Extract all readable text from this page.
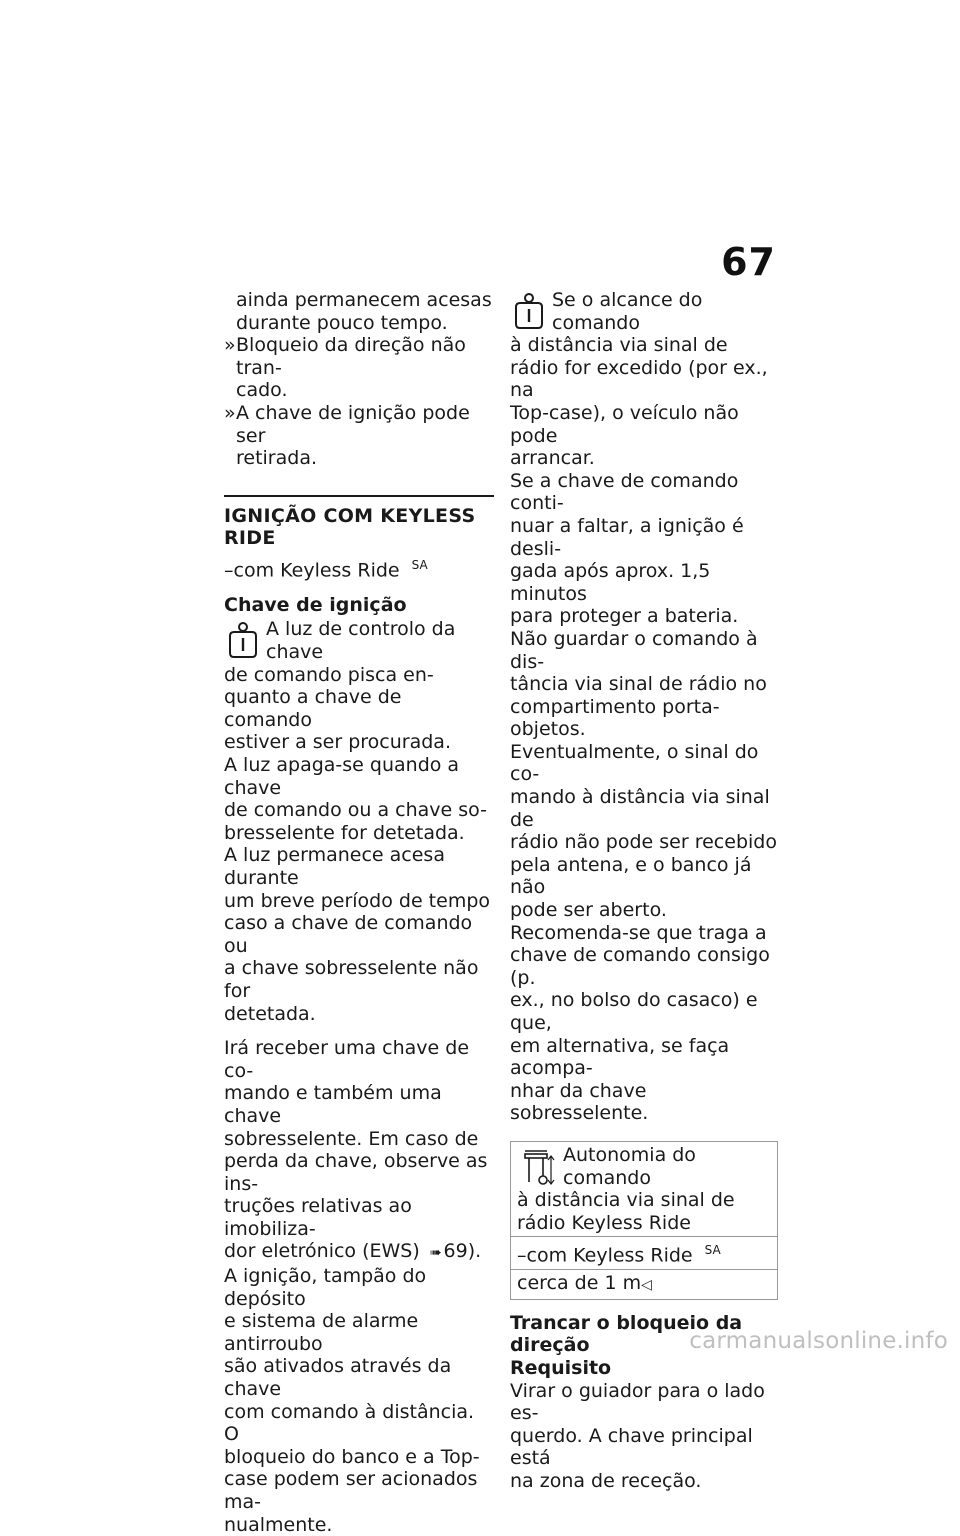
67

ainda permanecem acesas
durante pouco tempo.

» Bloqueio da direção não tran-
cado.

» A chave de ignição pode ser
retirada.

IGNIÇÃO COM KEYLESS RIDE

–com Keyless Ride $^{SA}$

Chave de ignição

A luz de controlo da chave
de comando pisca en-
quanto a chave de comando
estiver a ser procurada.
A luz apaga-se quando a chave
de comando ou a chave so-
bresselente for detetada.
A luz permanece acesa durante
um breve período de tempo
caso a chave de comando ou
a chave sobresselente não for
detetada.

Irá receber uma chave de co-
mando e também uma chave
sobresselente. Em caso de
perda da chave, observe as ins-
truções relativas ao imobiliza-
dor eletrónico (EWS) ➠ 69).
A ignição, tampão do depósito
e sistema de alarme antirroubo
são ativados através da chave
com comando à distância. O
bloqueio do banco e a Top-
case podem ser acionados ma-
nualmente.

Se o alcance do comando
à distância via sinal de
rádio for excedido (por ex., na
Top-case), o veículo não pode
arrancar.
Se a chave de comando conti-
nuar a faltar, a ignição é desli-
gada após aprox. 1,5 minutos
para proteger a bateria.
Não guardar o comando à dis-
tância via sinal de rádio no
compartimento porta-objetos.
Eventualmente, o sinal do co-
mando à distância via sinal de
rádio não pode ser recebido
pela antena, e o banco já não
pode ser aberto.
Recomenda-se que traga a
chave de comando consigo (p.
ex., no bolso do casaco) e que,
em alternativa, se faça acompa-
nhar da chave sobresselente.

Autonomia do comando
à distância via sinal de
rádio Keyless Ride
–com Keyless Ride $^{SA}$
cerca de 1 m◁

Trancar o bloqueio da direção

Requisito

Virar o guiador para o lado es-
querdo. A chave principal está
na zona de receção.

carmanualsonline.info
